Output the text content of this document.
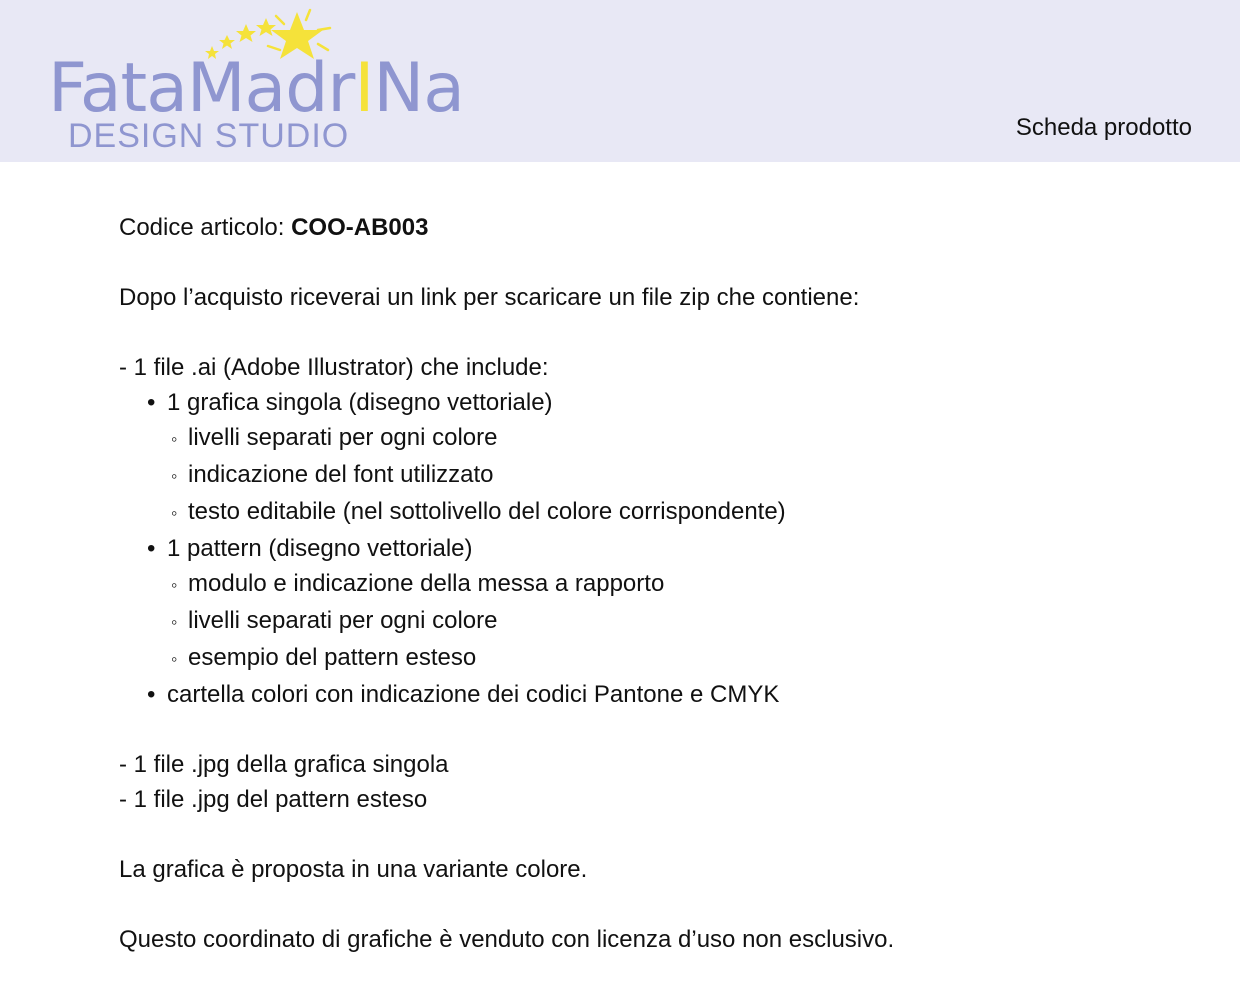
FataMadrINa
DESIGN STUDIO	Scheda prodotto

Codice articolo: COO-AB003

Dopo l’acquisto riceverai un link per scaricare un file zip che contiene:

- 1 file .ai (Adobe Illustrator) che include:

• 1 grafica singola (disegno vettoriale)
◦ livelli separati per ogni colore
◦ indicazione del font utilizzato
◦ testo editabile (nel sottolivello del colore corrispondente)
• 1 pattern (disegno vettoriale)
◦ modulo e indicazione della messa a rapporto
◦ livelli separati per ogni colore
◦ esempio del pattern esteso
• cartella colori con indicazione dei codici Pantone e CMYK

- 1 file .jpg della grafica singola

- 1 file .jpg del pattern esteso

La grafica è proposta in una variante colore.

Questo coordinato di grafiche è venduto con licenza d’uso non esclusivo.
